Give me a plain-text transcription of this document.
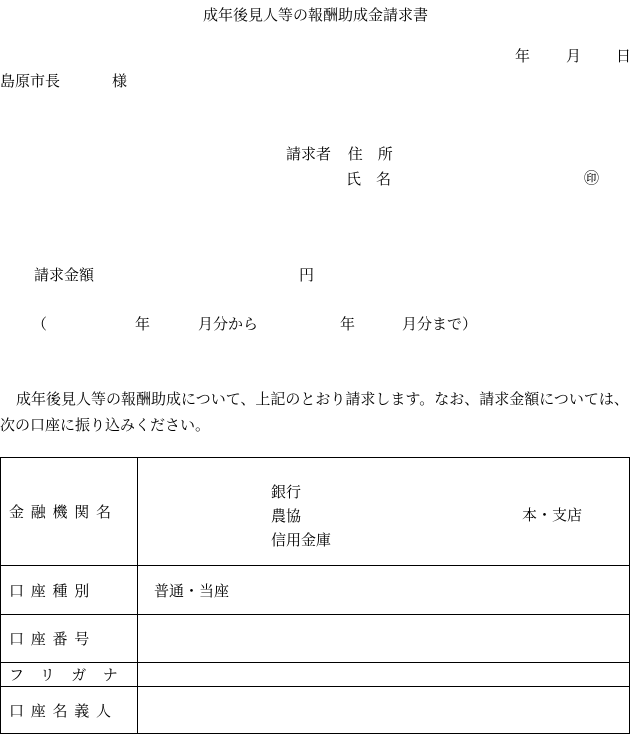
成年後見人等の報酬助成金請求書
年 月 日
島原市長	様
請求者 住　所
氏　名	㊞
請求金額	円
（	年	月分から	年	月分まで）
成年後見人等の報酬助成について、上記のとおり請求します。なお、請求金額については、次の口座に振り込みください。
金融機関名	銀行
農協
信用金庫
本・支店

口座種別	普通・当座
口座番号	
フリガナ	
口座名義人	
